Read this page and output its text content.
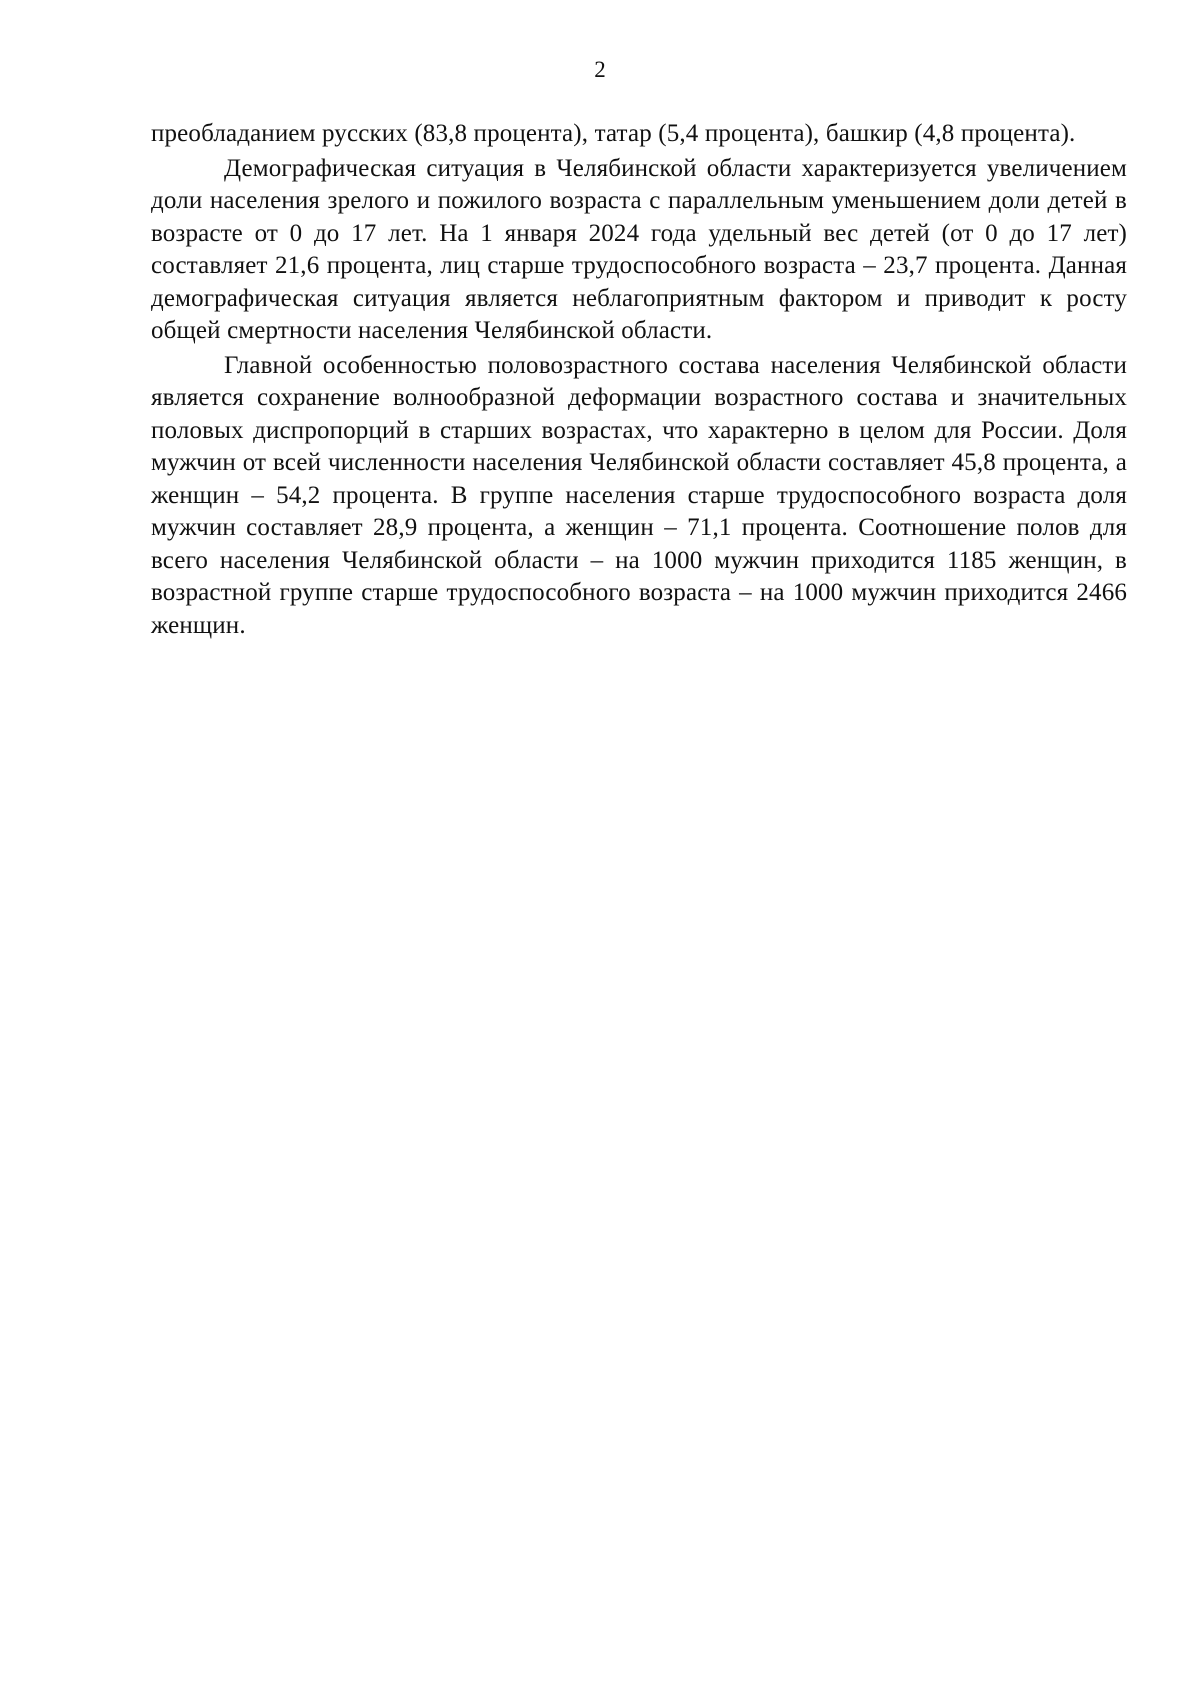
2

преобладанием русских (83,8 процента), татар (5,4 процента), башкир (4,8 процента).

Демографическая ситуация в Челябинской области характеризуется увеличением доли населения зрелого и пожилого возраста с параллельным уменьшением доли детей в возрасте от 0 до 17 лет. На 1 января 2024 года удельный вес детей (от 0 до 17 лет) составляет 21,6 процента, лиц старше трудоспособного возраста – 23,7 процента. Данная демографическая ситуация является неблагоприятным фактором и приводит к росту общей смертности населения Челябинской области.

Главной особенностью половозрастного состава населения Челябинской области является сохранение волнообразной деформации возрастного состава и значительных половых диспропорций в старших возрастах, что характерно в целом для России. Доля мужчин от всей численности населения Челябинской области составляет 45,8 процента, а женщин – 54,2 процента. В группе населения старше трудоспособного возраста доля мужчин составляет 28,9 процента, а женщин – 71,1 процента. Соотношение полов для всего населения Челябинской области – на 1000 мужчин приходится 1185 женщин, в возрастной группе старше трудоспособного возраста – на 1000 мужчин приходится 2466 женщин.
